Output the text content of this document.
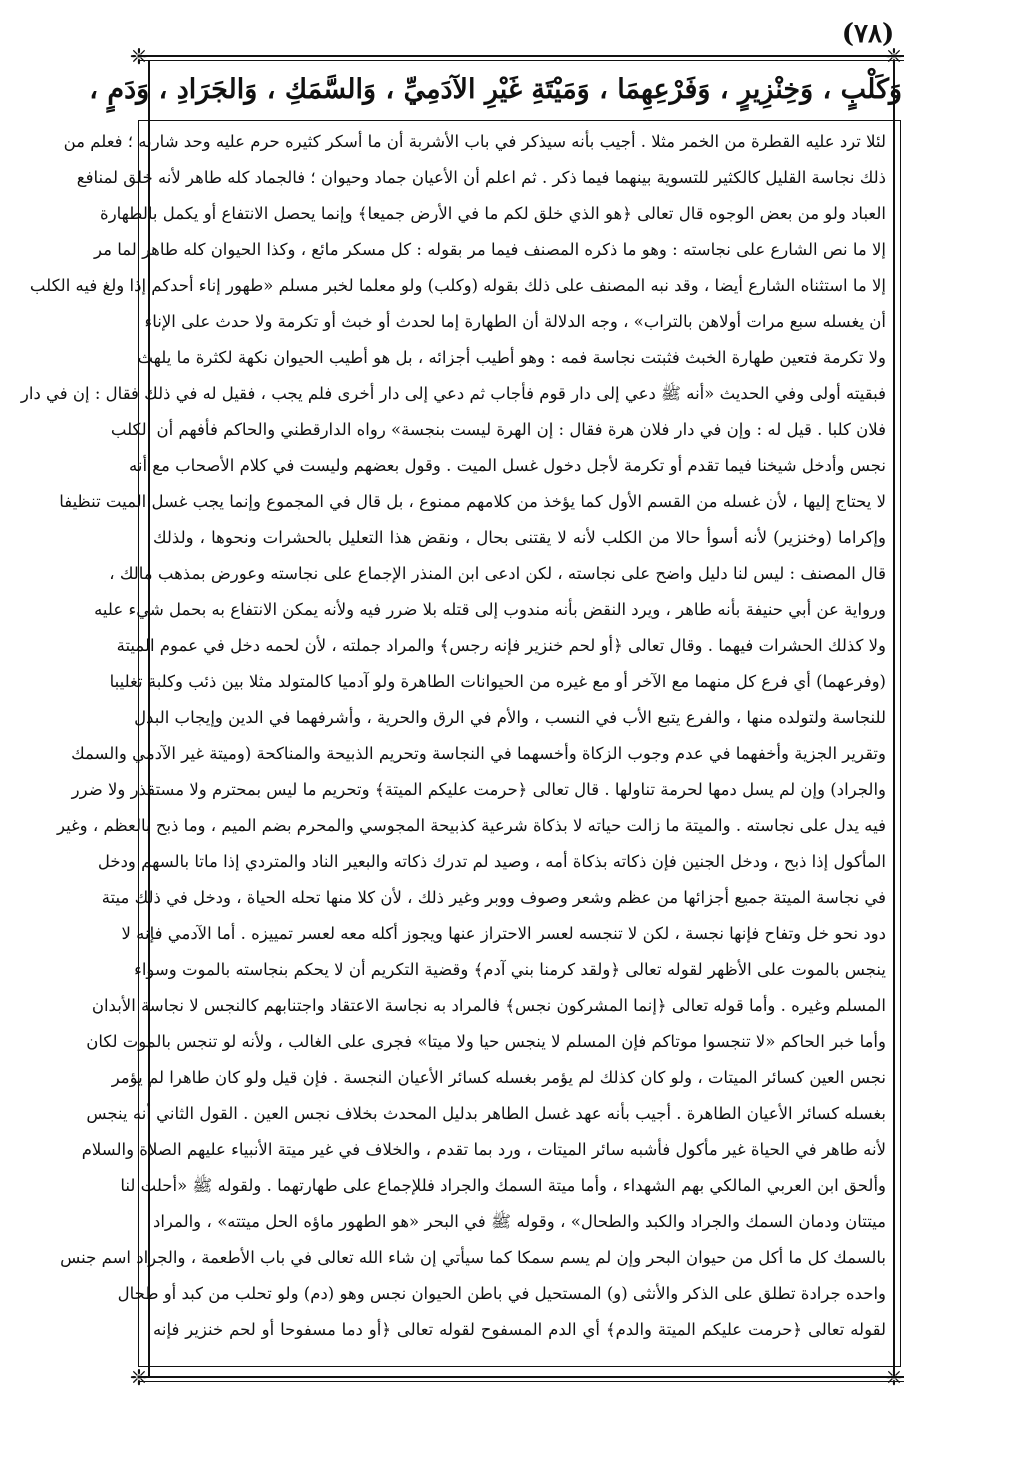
(٧٨)
❈	❈
❈	❈
وَكَلْبٍ ، وَخِنْزِيرٍ ، وَفَرْعِهِمَا ، وَمَيْتَةِ غَيْرِ الآدَمِيِّ ، وَالسَّمَكِ ، وَالجَرَادِ ، وَدَمٍ ،
لئلا ترد عليه القطرة من الخمر مثلا . أجيب بأنه سيذكر في باب الأشربة أن ما أسكر كثيره حرم عليه وحد شاربه ؛ فعلم من
ذلك نجاسة القليل كالكثير للتسوية بينهما فيما ذكر . ثم اعلم أن الأعيان جماد وحيوان ؛ فالجماد كله طاهر لأنه خلق لمنافع
العباد ولو من بعض الوجوه قال تعالى ﴿هو الذي خلق لكم ما في الأرض جميعا﴾ وإنما يحصل الانتفاع أو يكمل بالطهارة
إلا ما نص الشارع على نجاسته : وهو ما ذكره المصنف فيما مر بقوله : كل مسكر مائع ، وكذا الحيوان كله طاهر لما مر
إلا ما استثناه الشارع أيضا ، وقد نبه المصنف على ذلك بقوله (وكلب) ولو معلما لخبر مسلم «طهور إناء أحدكم إذا ولغ فيه الكلب
أن يغسله سبع مرات أولاهن بالتراب» ، وجه الدلالة أن الطهارة إما لحدث أو خبث أو تكرمة ولا حدث على الإناء
ولا تكرمة فتعين طهارة الخبث فثبتت نجاسة فمه : وهو أطيب أجزائه ، بل هو أطيب الحيوان نكهة لكثرة ما يلهث
فبقيته أولى وفي الحديث «أنه ﷺ دعي إلى دار قوم فأجاب ثم دعي إلى دار أخرى فلم يجب ، فقيل له في ذلك فقال : إن في دار
فلان كلبا . قيل له : وإن في دار فلان هرة فقال : إن الهرة ليست بنجسة» رواه الدارقطني والحاكم فأفهم أن الكلب
نجس وأدخل شيخنا فيما تقدم أو تكرمة لأجل دخول غسل الميت . وقول بعضهم وليست في كلام الأصحاب مع أنه
لا يحتاج إليها ، لأن غسله من القسم الأول كما يؤخذ من كلامهم ممنوع ، بل قال في المجموع وإنما يجب غسل الميت تنظيفا
وإكراما (وخنزير) لأنه أسوأ حالا من الكلب لأنه لا يقتنى بحال ، ونقض هذا التعليل بالحشرات ونحوها ، ولذلك
قال المصنف : ليس لنا دليل واضح على نجاسته ، لكن ادعى ابن المنذر الإجماع على نجاسته وعورض بمذهب مالك ،
ورواية عن أبي حنيفة بأنه طاهر ، ويرد النقض بأنه مندوب إلى قتله بلا ضرر فيه ولأنه يمكن الانتفاع به بحمل شيء عليه
ولا كذلك الحشرات فيهما . وقال تعالى ﴿أو لحم خنزير فإنه رجس﴾ والمراد جملته ، لأن لحمه دخل في عموم الميتة
(وفرعهما) أي فرع كل منهما مع الآخر أو مع غيره من الحيوانات الطاهرة ولو آدميا كالمتولد مثلا بين ذئب وكلبة تغليبا
للنجاسة ولتولده منها ، والفرع يتبع الأب في النسب ، والأم في الرق والحرية ، وأشرفهما في الدين وإيجاب البدل
وتقرير الجزية وأخفهما في عدم وجوب الزكاة وأخسهما في النجاسة وتحريم الذبيحة والمناكحة (وميتة غير الآدمي والسمك
والجراد) وإن لم يسل دمها لحرمة تناولها . قال تعالى ﴿حرمت عليكم الميتة﴾ وتحريم ما ليس بمحترم ولا مستقذر ولا ضرر
فيه يدل على نجاسته . والميتة ما زالت حياته لا بذكاة شرعية كذبيحة المجوسي والمحرم بضم الميم ، وما ذبح بالعظم ، وغير
المأكول إذا ذبح ، ودخل الجنين فإن ذكاته بذكاة أمه ، وصيد لم تدرك ذكاته والبعير الناد والمتردي إذا ماتا بالسهم ودخل
في نجاسة الميتة جميع أجزائها من عظم وشعر وصوف ووبر وغير ذلك ، لأن كلا منها تحله الحياة ، ودخل في ذلك ميتة
دود نحو خل وتفاح فإنها نجسة ، لكن لا تنجسه لعسر الاحتراز عنها ويجوز أكله معه لعسر تمييزه . أما الآدمي فإنه لا
ينجس بالموت على الأظهر لقوله تعالى ﴿ولقد كرمنا بني آدم﴾ وقضية التكريم أن لا يحكم بنجاسته بالموت وسواء
المسلم وغيره . وأما قوله تعالى ﴿إنما المشركون نجس﴾ فالمراد به نجاسة الاعتقاد واجتنابهم كالنجس لا نجاسة الأبدان
وأما خبر الحاكم «لا تنجسوا موتاكم فإن المسلم لا ينجس حيا ولا ميتا» فجرى على الغالب ، ولأنه لو تنجس بالموت لكان
نجس العين كسائر الميتات ، ولو كان كذلك لم يؤمر بغسله كسائر الأعيان النجسة . فإن قيل ولو كان طاهرا لم يؤمر
بغسله كسائر الأعيان الطاهرة . أجيب بأنه عهد غسل الطاهر بدليل المحدث بخلاف نجس العين . القول الثاني أنه ينجس
لأنه طاهر في الحياة غير مأكول فأشبه سائر الميتات ، ورد بما تقدم ، والخلاف في غير ميتة الأنبياء عليهم الصلاة والسلام
وألحق ابن العربي المالكي بهم الشهداء ، وأما ميتة السمك والجراد فللإجماع على طهارتهما . ولقوله ﷺ «أحلت لنا
ميتتان ودمان السمك والجراد والكبد والطحال» ، وقوله ﷺ في البحر «هو الطهور ماؤه الحل ميتته» ، والمراد
بالسمك كل ما أكل من حيوان البحر وإن لم يسم سمكا كما سيأتي إن شاء الله تعالى في باب الأطعمة ، والجراد اسم جنس
واحده جرادة تطلق على الذكر والأنثى (و) المستحيل في باطن الحيوان نجس وهو (دم) ولو تحلب من كبد أو طحال
لقوله تعالى ﴿حرمت عليكم الميتة والدم﴾ أي الدم المسفوح لقوله تعالى ﴿أو دما مسفوحا أو لحم خنزير فإنه
